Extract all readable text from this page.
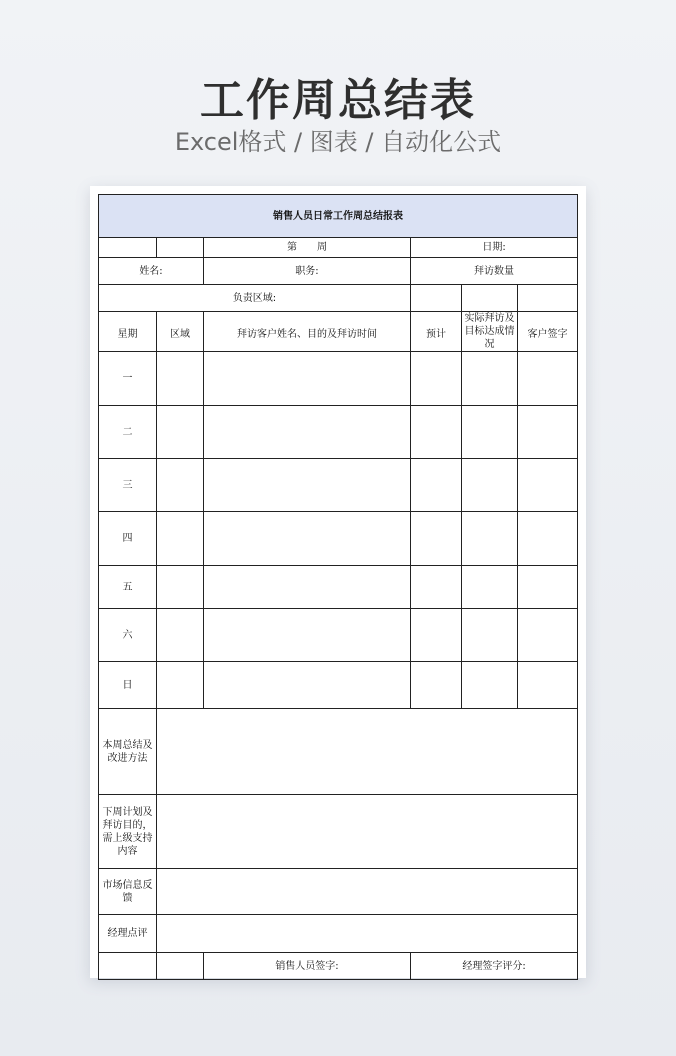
工作周总结表
Excel格式 / 图表 / 自动化公式
销售人员日常工作周总结报表					
		第　　周	日期:		
姓名:		职务:	拜访数量		
负责区域:					
星期	区域	拜访客户姓名、目的及拜访时间	预计	实际拜访及目标达成情况	客户签字
一					
二					
三					
四					
五					
六					
日					
本周总结及改进方法					
下周计划及拜访目的，需上级支持内容					
市场信息反馈					
经理点评					
		销售人员签字:	经理签字评分:		
